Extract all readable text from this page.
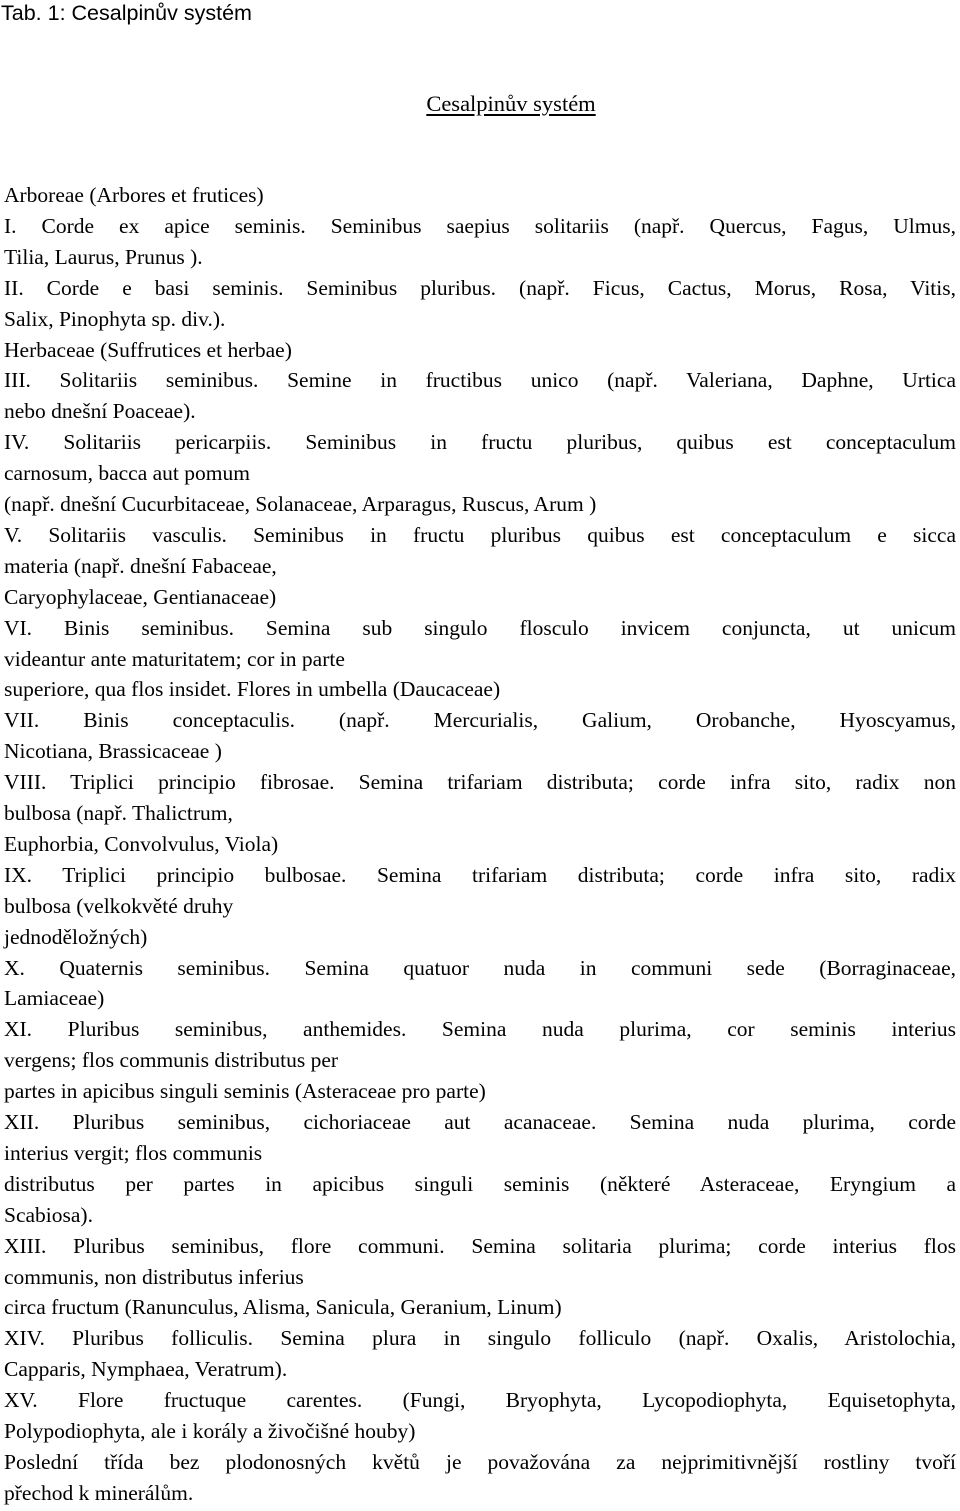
Tab. 1: Cesalpinův systém
Cesalpinův systém
Arboreae (Arbores et frutices)
I. Corde ex apice seminis. Seminibus saepius solitariis (např. Quercus, Fagus, Ulmus,
Tilia, Laurus, Prunus ).
II. Corde e basi seminis. Seminibus pluribus. (např. Ficus, Cactus, Morus, Rosa, Vitis,
Salix, Pinophyta sp. div.).
Herbaceae (Suffrutices et herbae)
III. Solitariis seminibus. Semine in fructibus unico (např. Valeriana, Daphne, Urtica
nebo dnešní Poaceae).
IV. Solitariis pericarpiis. Seminibus in fructu pluribus, quibus est conceptaculum
carnosum, bacca aut pomum
(např. dnešní Cucurbitaceae, Solanaceae, Arparagus, Ruscus, Arum )
V. Solitariis vasculis. Seminibus in fructu pluribus quibus est conceptaculum e sicca
materia (např. dnešní Fabaceae,
Caryophylaceae, Gentianaceae)
VI. Binis seminibus. Semina sub singulo flosculo invicem conjuncta, ut unicum
videantur ante maturitatem; cor in parte
superiore, qua flos insidet. Flores in umbella (Daucaceae)
VII. Binis conceptaculis. (např. Mercurialis, Galium, Orobanche, Hyoscyamus,
Nicotiana, Brassicaceae )
VIII. Triplici principio fibrosae. Semina trifariam distributa; corde infra sito, radix non
bulbosa (např. Thalictrum,
Euphorbia, Convolvulus, Viola)
IX. Triplici principio bulbosae. Semina trifariam distributa; corde infra sito, radix
bulbosa (velkokvěté druhy
jednoděložných)
X. Quaternis seminibus. Semina quatuor nuda in communi sede (Borraginaceae,
Lamiaceae)
XI. Pluribus seminibus, anthemides. Semina nuda plurima, cor seminis interius
vergens; flos communis distributus per
partes in apicibus singuli seminis (Asteraceae pro parte)
XII. Pluribus seminibus, cichoriaceae aut acanaceae. Semina nuda plurima, corde
interius vergit; flos communis
distributus per partes in apicibus singuli seminis (některé Asteraceae, Eryngium a
Scabiosa).
XIII. Pluribus seminibus, flore communi. Semina solitaria plurima; corde interius flos
communis, non distributus inferius
circa fructum (Ranunculus, Alisma, Sanicula, Geranium, Linum)
XIV. Pluribus folliculis. Semina plura in singulo folliculo (např. Oxalis, Aristolochia,
Capparis, Nymphaea, Veratrum).
XV. Flore fructuque carentes. (Fungi, Bryophyta, Lycopodiophyta, Equisetophyta,
Polypodiophyta, ale i korály a živočišné houby)
Poslední třída bez plodonosných květů je považována za nejprimitivnější rostliny tvoří
přechod k minerálům.
